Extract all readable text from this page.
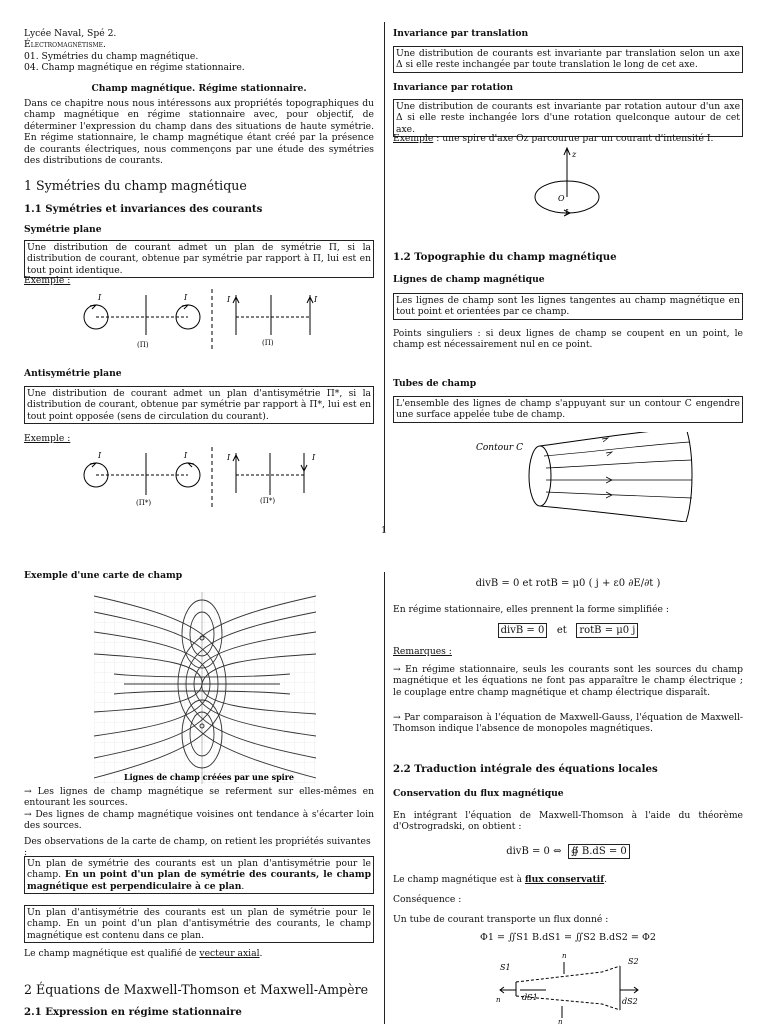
Lycée Naval, Spé 2.
Électromagnétisme.
01. Symétries du champ magnétique.
04. Champ magnétique en régime stationnaire.
Champ magnétique. Régime stationnaire.
Dans ce chapitre nous nous intéressons aux propriétés topographiques du champ magnétique en régime stationnaire avec, pour objectif, de déterminer l'expression du champ dans des situations de haute symétrie. En régime stationnaire, le champ magnétique étant créé par la présence de courants électriques, nous commençons par une étude des symétries des distributions de courants.
1 Symétries du champ magnétique
1.1 Symétries et invariances des courants
Symétrie plane
Une distribution de courant admet un plan de symétrie Π, si la distribution de courant, obtenue par symétrie par rapport à Π, lui est en tout point identique.
Exemple :
I	I
(Π)
I	I
(Π)
Antisymétrie plane
Une distribution de courant admet un plan d'antisymétrie Π*, si la distribution de courant, obtenue par symétrie par rapport à Π*, lui est en tout point opposée (sens de circulation du courant).
Exemple :
I	I
(Π*)
I	I
(Π*)
Invariance par translation
Une distribution de courants est invariante par translation selon un axe Δ si elle reste inchangée par toute translation le long de cet axe.
Invariance par rotation
Une distribution de courants est invariante par rotation autour d'un axe Δ si elle reste inchangée lors d'une rotation quelconque autour de cet axe.
Exemple : une spire d'axe Oz parcourue par un courant d'intensité I.
z
O
I
1.2 Topographie du champ magnétique
Lignes de champ magnétique
Les lignes de champ sont les lignes tangentes au champ magnétique en tout point et orientées par ce champ.
Points singuliers : si deux lignes de champ se coupent en un point, le champ est nécessairement nul en ce point.
Tubes de champ
L'ensemble des lignes de champ s'appuyant sur un contour C engendre une surface appelée tube de champ.
Contour C
1
Exemple d'une carte de champ
Lignes de champ créées par une spire
→ Les lignes de champ magnétique se referment sur elles-mêmes en entourant les sources.
→ Des lignes de champ magnétique voisines ont tendance à s'écarter loin des sources.
Des observations de la carte de champ, on retient les propriétés suivantes :
Un plan de symétrie des courants est un plan d'antisymétrie pour le champ. En un point d'un plan de symétrie des courants, le champ magnétique est perpendiculaire à ce plan.
Un plan d'antisymétrie des courants est un plan de symétrie pour le champ. En un point d'un plan d'antisymétrie des courants, le champ magnétique est contenu dans ce plan.
Le champ magnétique est qualifié de vecteur axial.
2 Équations de Maxwell-Thomson et Maxwell-Ampère
2.1 Expression en régime stationnaire
divB = 0 et rotB = μ0 ( j + ε0 ∂E/∂t )
En régime stationnaire, elles prennent la forme simplifiée :
divB = 0 et rotB = μ0 j
Remarques :
→ En régime stationnaire, seuls les courants sont les sources du champ magnétique et les équations ne font pas apparaître le champ électrique ; le couplage entre champ magnétique et champ électrique disparaît.
→ Par comparaison à l'équation de Maxwell-Gauss, l'équation de Maxwell-Thomson indique l'absence de monopoles magnétiques.
2.2 Traduction intégrale des équations locales
Conservation du flux magnétique
En intégrant l'équation de Maxwell-Thomson à l'aide du théorème d'Ostrogradski, on obtient :
divB = 0 ⇔ ∯ B.dS = 0
Le champ magnétique est à flux conservatif.
Conséquence :
Un tube de courant transporte un flux donné :
Φ1 = ∬S1 B.dS1 = ∬S2 B.dS2 = Φ2
S1
S2
n
n
n
dS1	dS2
